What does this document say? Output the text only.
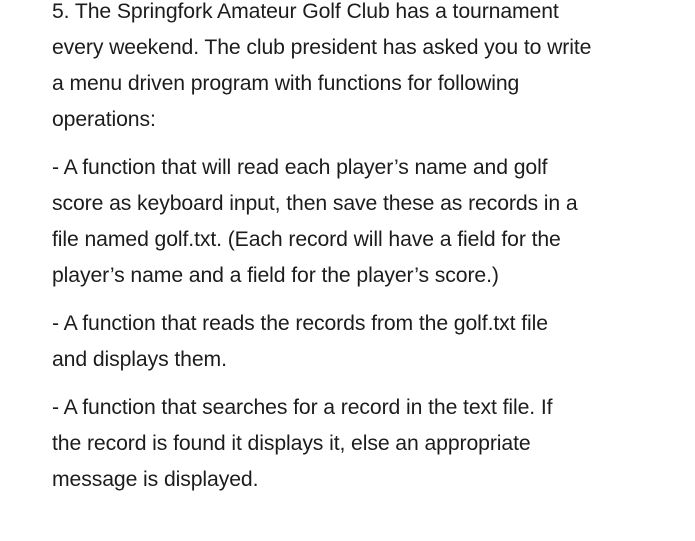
5. The Springfork Amateur Golf Club has a tournament
every weekend. The club president has asked you to write
a menu driven program with functions for following
operations:

- A function that will read each player’s name and golf
score as keyboard input, then save these as records in a
file named golf.txt. (Each record will have a field for the
player’s name and a field for the player’s score.)

- A function that reads the records from the golf.txt file
and displays them.

- A function that searches for a record in the text file. If
the record is found it displays it, else an appropriate
message is displayed.
